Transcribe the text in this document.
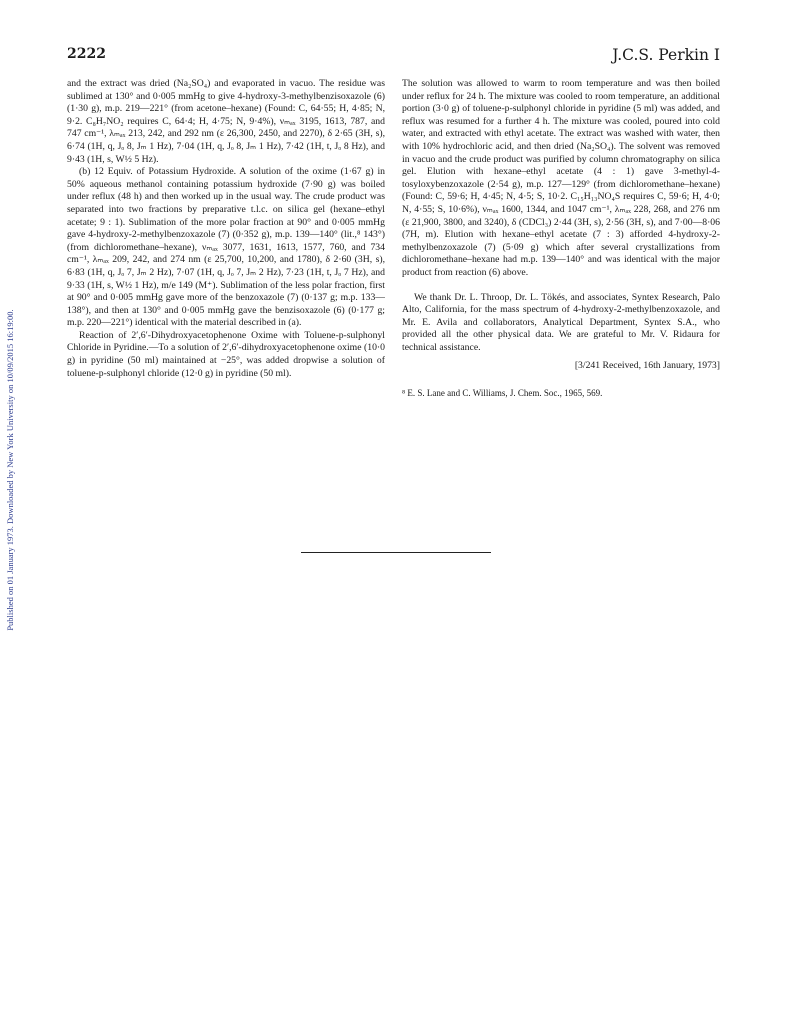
Published on 01 January 1973. Downloaded by New York University on 10/09/2015 16:19:00.
2222	J.C.S. Perkin I

and the extract was dried (Na₂SO₄) and evaporated in vacuo. The residue was sublimed at 130° and 0·005 mmHg to give 4-hydroxy-3-methylbenzisoxazole (6) (1·30 g), m.p. 219—221° (from acetone–hexane) (Found: C, 64·55; H, 4·85; N, 9·2. C₈H₇NO₂ requires C, 64·4; H, 4·75; N, 9·4%), νₘₐₓ 3195, 1613, 787, and 747 cm⁻¹, λₘₐₓ 213, 242, and 292 nm (ε 26,300, 2450, and 2270), δ 2·65 (3H, s), 6·74 (1H, q, Jₒ 8, Jₘ 1 Hz), 7·04 (1H, q, Jₒ 8, Jₘ 1 Hz), 7·42 (1H, t, Jₒ 8 Hz), and 9·43 (1H, s, W½ 5 Hz).

(b) 12 Equiv. of Potassium Hydroxide. A solution of the oxime (1·67 g) in 50% aqueous methanol containing potassium hydroxide (7·90 g) was boiled under reflux (48 h) and then worked up in the usual way. The crude product was separated into two fractions by preparative t.l.c. on silica gel (hexane–ethyl acetate; 9 : 1). Sublimation of the more polar fraction at 90° and 0·005 mmHg gave 4-hydroxy-2-methylbenzoxazole (7) (0·352 g), m.p. 139—140° (lit.,⁸ 143°) (from dichloromethane–hexane), νₘₐₓ 3077, 1631, 1613, 1577, 760, and 734 cm⁻¹, λₘₐₓ 209, 242, and 274 nm (ε 25,700, 10,200, and 1780), δ 2·60 (3H, s), 6·83 (1H, q, Jₒ 7, Jₘ 2 Hz), 7·07 (1H, q, Jₒ 7, Jₘ 2 Hz), 7·23 (1H, t, Jₒ 7 Hz), and 9·33 (1H, s, W½ 1 Hz), m/e 149 (M⁺). Sublimation of the less polar fraction, first at 90° and 0·005 mmHg gave more of the benzoxazole (7) (0·137 g; m.p. 133—138°), and then at 130° and 0·005 mmHg gave the benzisoxazole (6) (0·177 g; m.p. 220—221°) identical with the material described in (a).

Reaction of 2′,6′-Dihydroxyacetophenone Oxime with Toluene-p-sulphonyl Chloride in Pyridine.—To a solution of 2′,6′-dihydroxyacetophenone oxime (10·0 g) in pyridine (50 ml) maintained at −25°, was added dropwise a solution of toluene-p-sulphonyl chloride (12·0 g) in pyridine (50 ml).

The solution was allowed to warm to room temperature and was then boiled under reflux for 24 h. The mixture was cooled to room temperature, an additional portion (3·0 g) of toluene-p-sulphonyl chloride in pyridine (5 ml) was added, and reflux was resumed for a further 4 h. The mixture was cooled, poured into cold water, and extracted with ethyl acetate. The extract was washed with water, then with 10% hydrochloric acid, and then dried (Na₂SO₄). The solvent was removed in vacuo and the crude product was purified by column chromatography on silica gel. Elution with hexane–ethyl acetate (4 : 1) gave 3-methyl-4-tosyloxybenzoxazole (2·54 g), m.p. 127—129° (from dichloromethane–hexane) (Found: C, 59·6; H, 4·45; N, 4·5; S, 10·2. C₁₅H₁₃NO₄S requires C, 59·6; H, 4·0; N, 4·55; S, 10·6%), νₘₐₓ 1600, 1344, and 1047 cm⁻¹, λₘₐₓ 228, 268, and 276 nm (ε 21,900, 3800, and 3240), δ (CDCl₃) 2·44 (3H, s), 2·56 (3H, s), and 7·00—8·06 (7H, m). Elution with hexane–ethyl acetate (7 : 3) afforded 4-hydroxy-2-methylbenzoxazole (7) (5·09 g) which after several crystallizations from dichloromethane–hexane had m.p. 139—140° and was identical with the major product from reaction (6) above.

We thank Dr. L. Throop, Dr. L. Tökés, and associates, Syntex Research, Palo Alto, California, for the mass spectrum of 4-hydroxy-2-methylbenzoxazole, and Mr. E. Avila and collaborators, Analytical Department, Syntex S.A., who provided all the other physical data. We are grateful to Mr. V. Ridaura for technical assistance.

[3/241 Received, 16th January, 1973]

⁸ E. S. Lane and C. Williams, J. Chem. Soc., 1965, 569.
